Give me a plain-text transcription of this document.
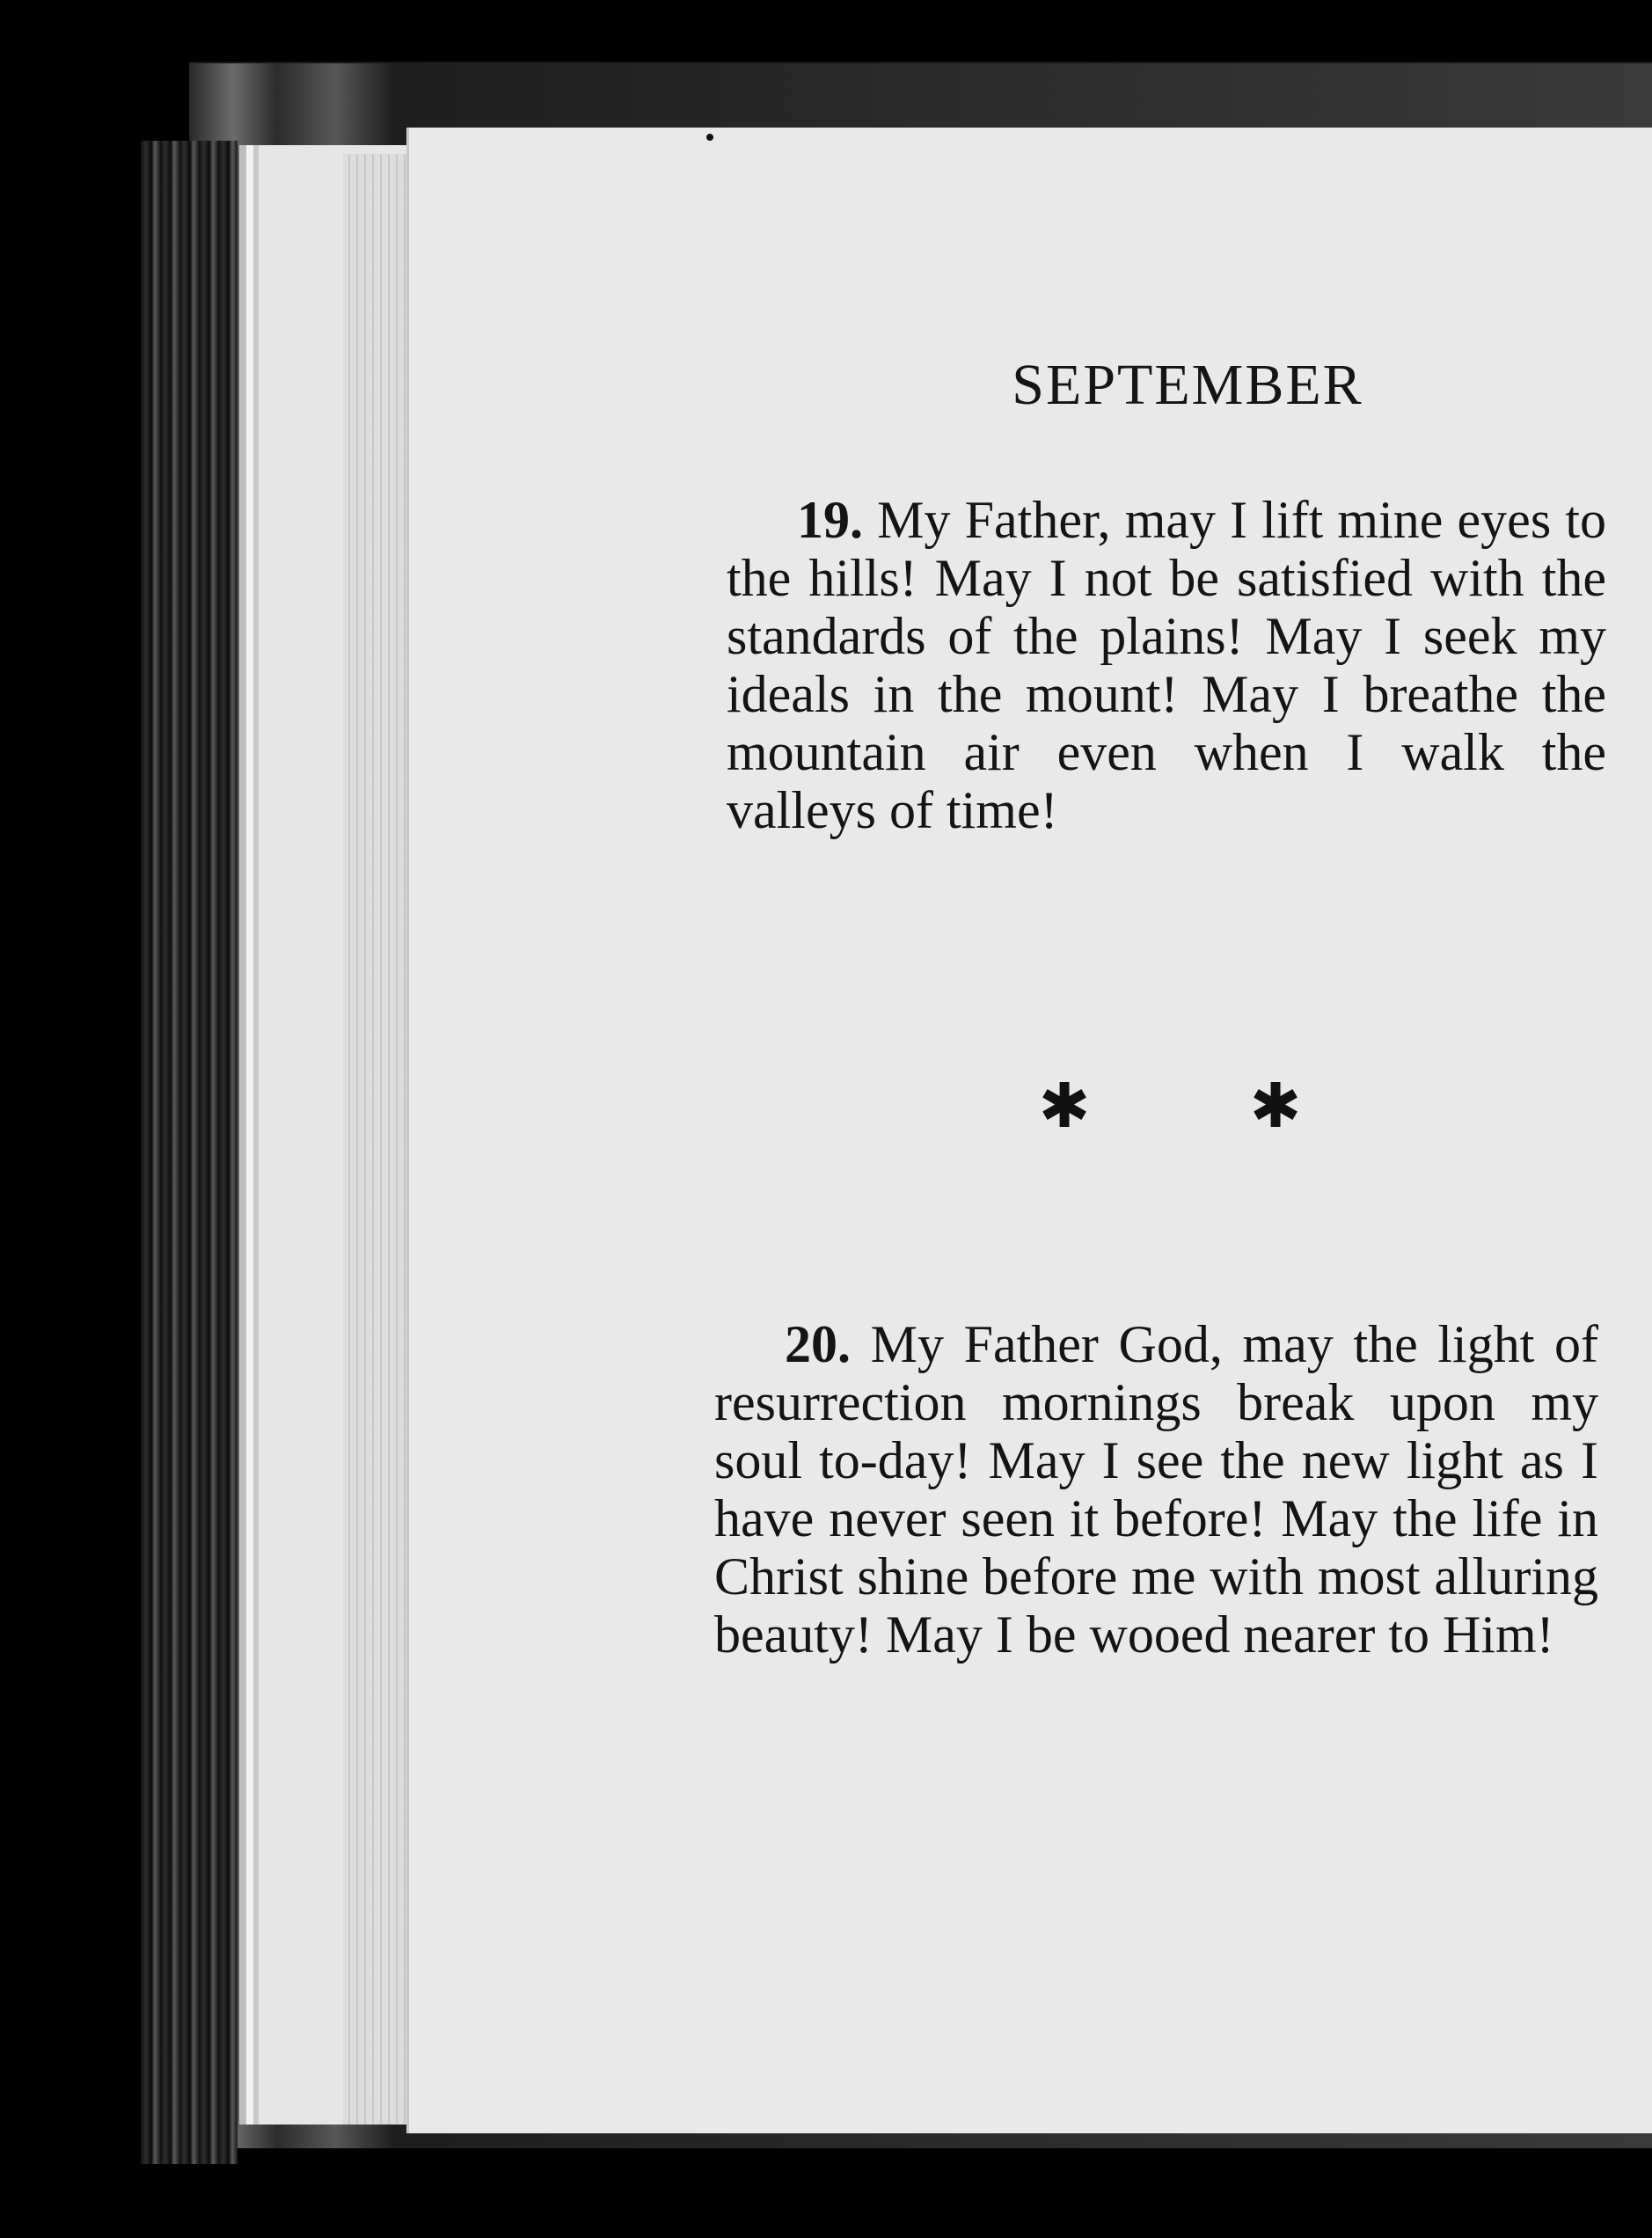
SEPTEMBER

19. My Father, may I lift mine eyes to the hills! May I not be satisfied with the standards of the plains! May I seek my ideals in the mount! May I breathe the mountain air even when I walk the valleys of time!

✱	✱

20. My Father God, may the light of resurrection mornings break upon my soul to-day! May I see the new light as I have never seen it before! May the life in Christ shine before me with most alluring beauty! May I be wooed nearer to Him!
